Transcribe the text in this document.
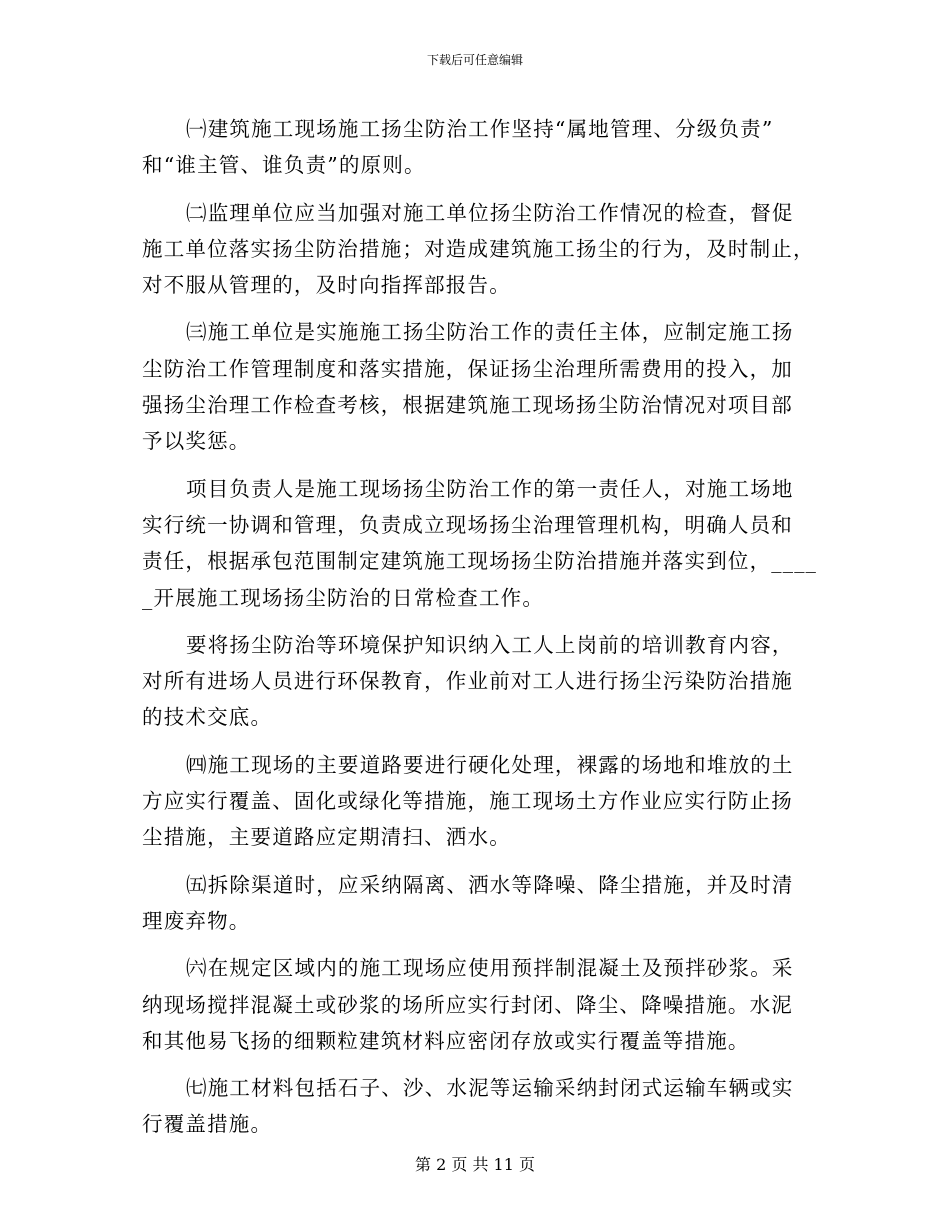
下载后可任意编辑
㈠建筑施工现场施工扬尘防治工作坚持“属地管理、分级负责”
和“谁主管、谁负责”的原则。
㈡监理单位应当加强对施工单位扬尘防治工作情况的检查，督促
施工单位落实扬尘防治措施；对造成建筑施工扬尘的行为，及时制止，
对不服从管理的，及时向指挥部报告。
㈢施工单位是实施施工扬尘防治工作的责任主体，应制定施工扬
尘防治工作管理制度和落实措施，保证扬尘治理所需费用的投入，加
强扬尘治理工作检查考核，根据建筑施工现场扬尘防治情况对项目部
予以奖惩。
项目负责人是施工现场扬尘防治工作的第一责任人，对施工场地
实行统一协调和管理，负责成立现场扬尘治理管理机构，明确人员和
责任，根据承包范围制定建筑施工现场扬尘防治措施并落实到位，____
_开展施工现场扬尘防治的日常检查工作。
要将扬尘防治等环境保护知识纳入工人上岗前的培训教育内容，
对所有进场人员进行环保教育，作业前对工人进行扬尘污染防治措施
的技术交底。
㈣施工现场的主要道路要进行硬化处理，裸露的场地和堆放的土
方应实行覆盖、固化或绿化等措施，施工现场土方作业应实行防止扬
尘措施，主要道路应定期清扫、洒水。
㈤拆除渠道时，应采纳隔离、洒水等降噪、降尘措施，并及时清
理废弃物。
㈥在规定区域内的施工现场应使用预拌制混凝土及预拌砂浆。采
纳现场搅拌混凝土或砂浆的场所应实行封闭、降尘、降噪措施。水泥
和其他易飞扬的细颗粒建筑材料应密闭存放或实行覆盖等措施。
㈦施工材料包括石子、沙、水泥等运输采纳封闭式运输车辆或实
行覆盖措施。
第 2 页 共 11 页
